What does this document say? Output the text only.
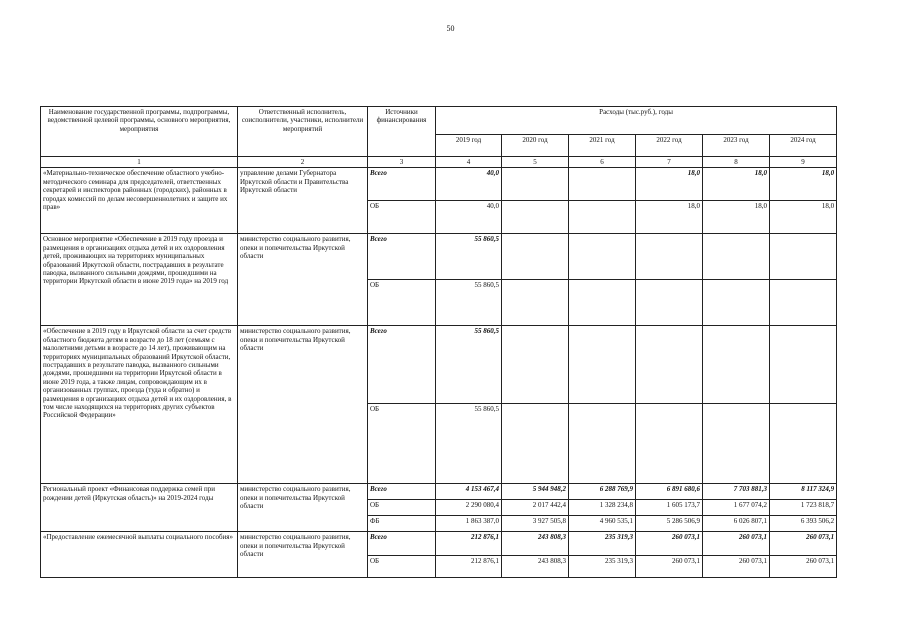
50
Наименование государственной программы, подпрограммы, ведомственной целевой программы, основного мероприятия, мероприятия	Ответственный исполнитель, соисполнители, участники, исполнители мероприятий	Источники финансирования	Расходы (тыс.руб.), годы					
			2019 год	2020 год	2021 год	2022 год	2023 год	2024 год
1	2	3	4	5	6	7	8	9
«Материально-техническое обеспечение областного учебно-методического семинара для председателей, ответственных секретарей и инспекторов районных (городских), районных в городах комиссий по делам несовершеннолетних и защите их прав»	управление делами Губернатора Иркутской области и Правительства Иркутской области	Всего	40,0			18,0	18,0	18,0
		ОБ	40,0			18,0	18,0	18,0
Основное мероприятие «Обеспечение в 2019 году проезда и размещения в организациях отдыха детей и их оздоровления детей, проживающих на территориях муниципальных образований Иркутской области, пострадавших в результате паводка, вызванного сильными дождями, прошедшими на территории Иркутской области в июне 2019 года» на 2019 год	министерство социального развития, опеки и попечительства Иркутской области	Всего	55 860,5					
		ОБ	55 860,5					
«Обеспечение в 2019 году в Иркутской области за счет средств областного бюджета детям в возрасте до 18 лет (семьям с малолетними детьми в возрасте до 14 лет), проживающим на территориях муниципальных образований Иркутской области, пострадавших в результате паводка, вызванного сильными дождями, прошедшими на территории Иркутской области в июне 2019 года, а также лицам, сопровождающим их в организованных группах, проезда (туда и обратно) и размещения в организациях отдыха детей и их оздоровления, в том числе находящихся на территориях других субъектов Российской Федерации»	министерство социального развития, опеки и попечительства Иркутской области	Всего	55 860,5					
		ОБ	55 860,5					
Региональный проект «Финансовая поддержка семей при рождении детей (Иркутская область)» на 2019-2024 годы	министерство социального развития, опеки и попечительства Иркутской области	Всего	4 153 467,4	5 944 948,2	6 288 769,9	6 891 680,6	7 703 881,3	8 117 324,9
		ОБ	2 290 080,4	2 017 442,4	1 328 234,8	1 605 173,7	1 677 074,2	1 723 818,7
		ФБ	1 863 387,0	3 927 505,8	4 960 535,1	5 286 506,9	6 026 807,1	6 393 506,2
«Предоставление ежемесячной выплаты социального пособия»	министерство социального развития, опеки и попечительства Иркутской области	Всего	212 876,1	243 808,3	235 319,3	260 073,1	260 073,1	260 073,1
		ОБ	212 876,1	243 808,3	235 319,3	260 073,1	260 073,1	260 073,1
